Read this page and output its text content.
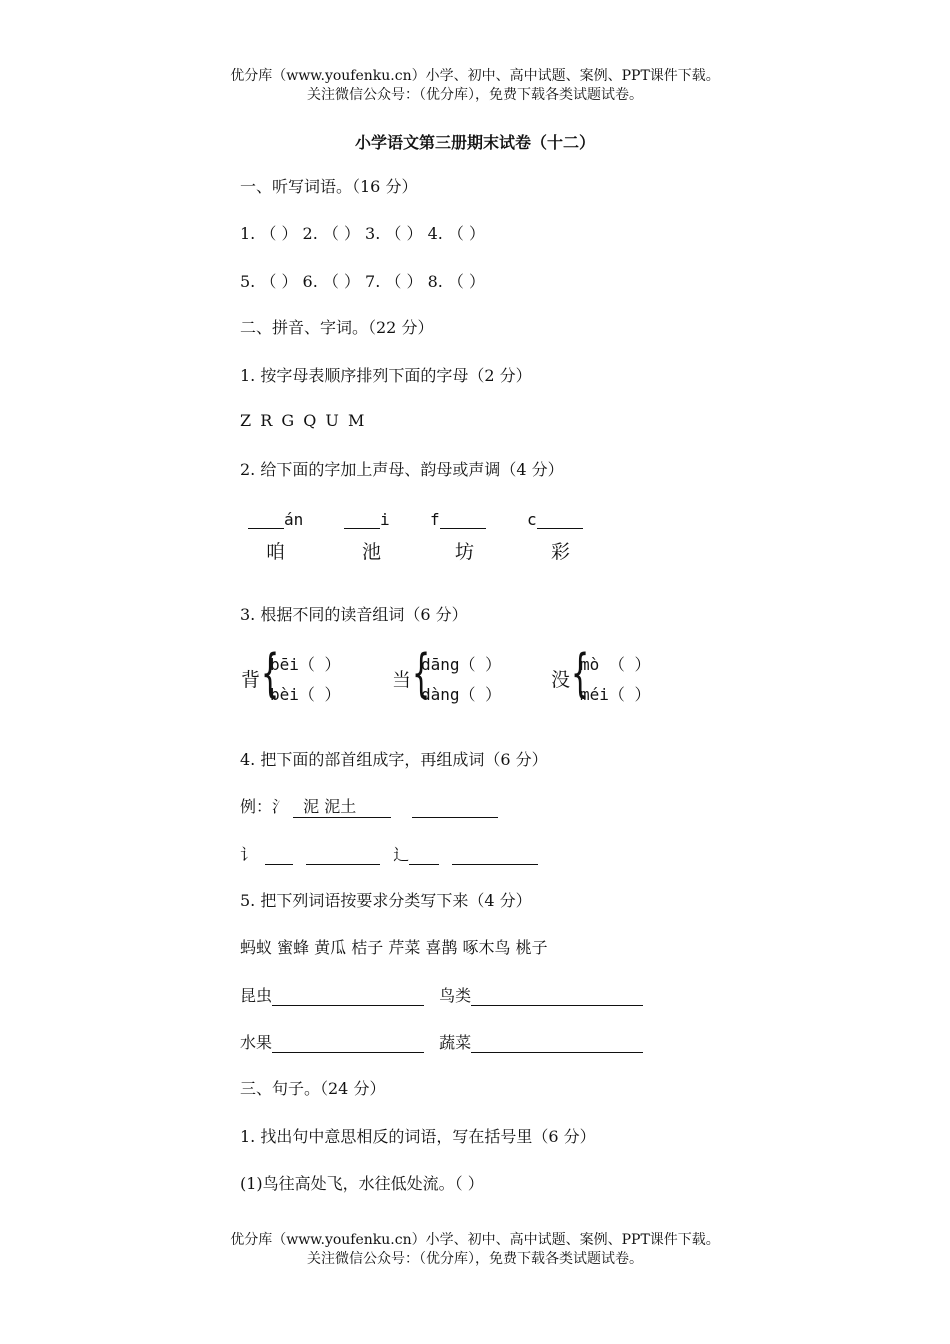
优分库（www.youfenku.cn）小学、初中、高中试题、案例、PPT课件下载。
关注微信公众号：（优分库），免费下载各类试题试卷。
小学语文第三册期末试卷（十二）
一、听写词语。（16 分）
1. （ ） 2. （ ） 3. （ ） 4. （ ）
5. （ ） 6. （ ） 7. （ ） 8. （ ）
二、拼音、字词。（22 分）
1. 按字母表顺序排列下面的字母（2 分）
Z R G Q U M
2. 给下面的字加上声母、韵母或声调（4 分）
án
咱
i
池
f
坊
c
彩
3. 根据不同的读音组词（6 分）
背 {
bēi（ ）
bèi（ ）
当 {
dāng（ ）
dàng（ ）
没 {
mò （ ）
méi（ ）
4. 把下面的部首组成字，再组成词（6 分）
例：氵 泥 泥土
讠	辶
5. 把下列词语按要求分类写下来（4 分）
蚂蚁 蜜蜂 黄瓜 桔子 芹菜 喜鹊 啄木鸟 桃子
昆虫	鸟类
水果	蔬菜
三、句子。（24 分）
1. 找出句中意思相反的词语，写在括号里（6 分）
(1)鸟往高处飞，水往低处流。（ ）
优分库（www.youfenku.cn）小学、初中、高中试题、案例、PPT课件下载。
关注微信公众号：（优分库），免费下载各类试题试卷。
